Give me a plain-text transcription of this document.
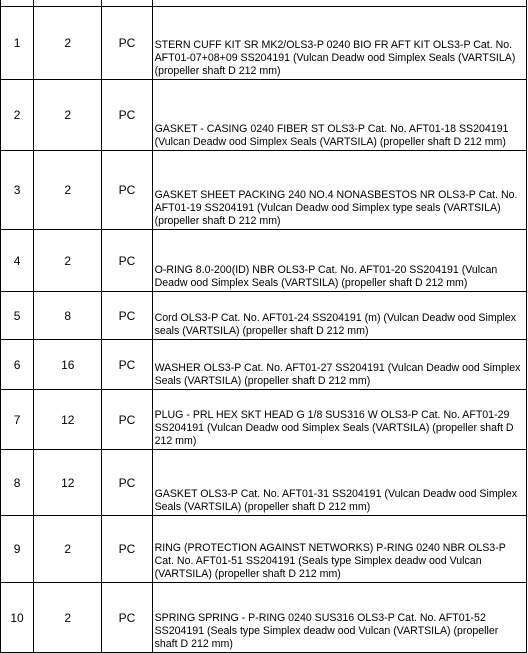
1	2	PC	STERN CUFF KIT SR MK2/OLS3-P 0240 BIO FR AFT KIT OLS3-P Cat. No. AFT01-07+08+09 SS204191 (Vulcan Deadw ood Simplex Seals (VARTSILA) (propeller shaft D 212 mm)

2	2	PC	GASKET - CASING 0240 FIBER ST OLS3-P Cat. No. AFT01-18 SS204191 (Vulcan Deadw ood Simplex Seals (VARTSILA) (propeller shaft D 212 mm)

3	2	PC	GASKET SHEET PACKING 240 NO.4 NONASBESTOS NR OLS3-P Cat. No. AFT01-19 SS204191 (Vulcan Deadw ood Simplex type seals (VARTSILA) (propeller shaft D 212 mm)

4	2	PC	O-RING 8.0-200(ID) NBR OLS3-P Cat. No. AFT01-20 SS204191 (Vulcan Deadw ood Simplex Seals (VARTSILA) (propeller shaft D 212 mm)

5	8	PC	Cord OLS3-P Cat. No. AFT01-24 SS204191 (m) (Vulcan Deadw ood Simplex seals (VARTSILA) (propeller shaft D 212 mm)

6	16	PC	WASHER OLS3-P Cat. No. AFT01-27 SS204191 (Vulcan Deadw ood Simplex Seals (VARTSILA) (propeller shaft D 212 mm)

7	12	PC	PLUG - PRL HEX SKT HEAD G 1/8 SUS316 W OLS3-P Cat. No. AFT01-29 SS204191 (Vulcan Deadw ood Simplex Seals (VARTSILA) (propeller shaft D 212 mm)

8	12	PC	GASKET OLS3-P Cat. No. AFT01-31 SS204191 (Vulcan Deadw ood Simplex Seals (VARTSILA) (propeller shaft D 212 mm)

9	2	PC	RING (PROTECTION AGAINST NETWORKS) P-RING 0240 NBR OLS3-P Cat. No. AFT01-51 SS204191 (Seals type Simplex deadw ood Vulcan (VARTSILA) (propeller shaft D 212 mm)

10	2	PC	SPRING SPRING - P-RING 0240 SUS316 OLS3-P Cat. No. AFT01-52 SS204191 (Seals type Simplex deadw ood Vulcan (VARTSILA) (propeller shaft D 212 mm)
